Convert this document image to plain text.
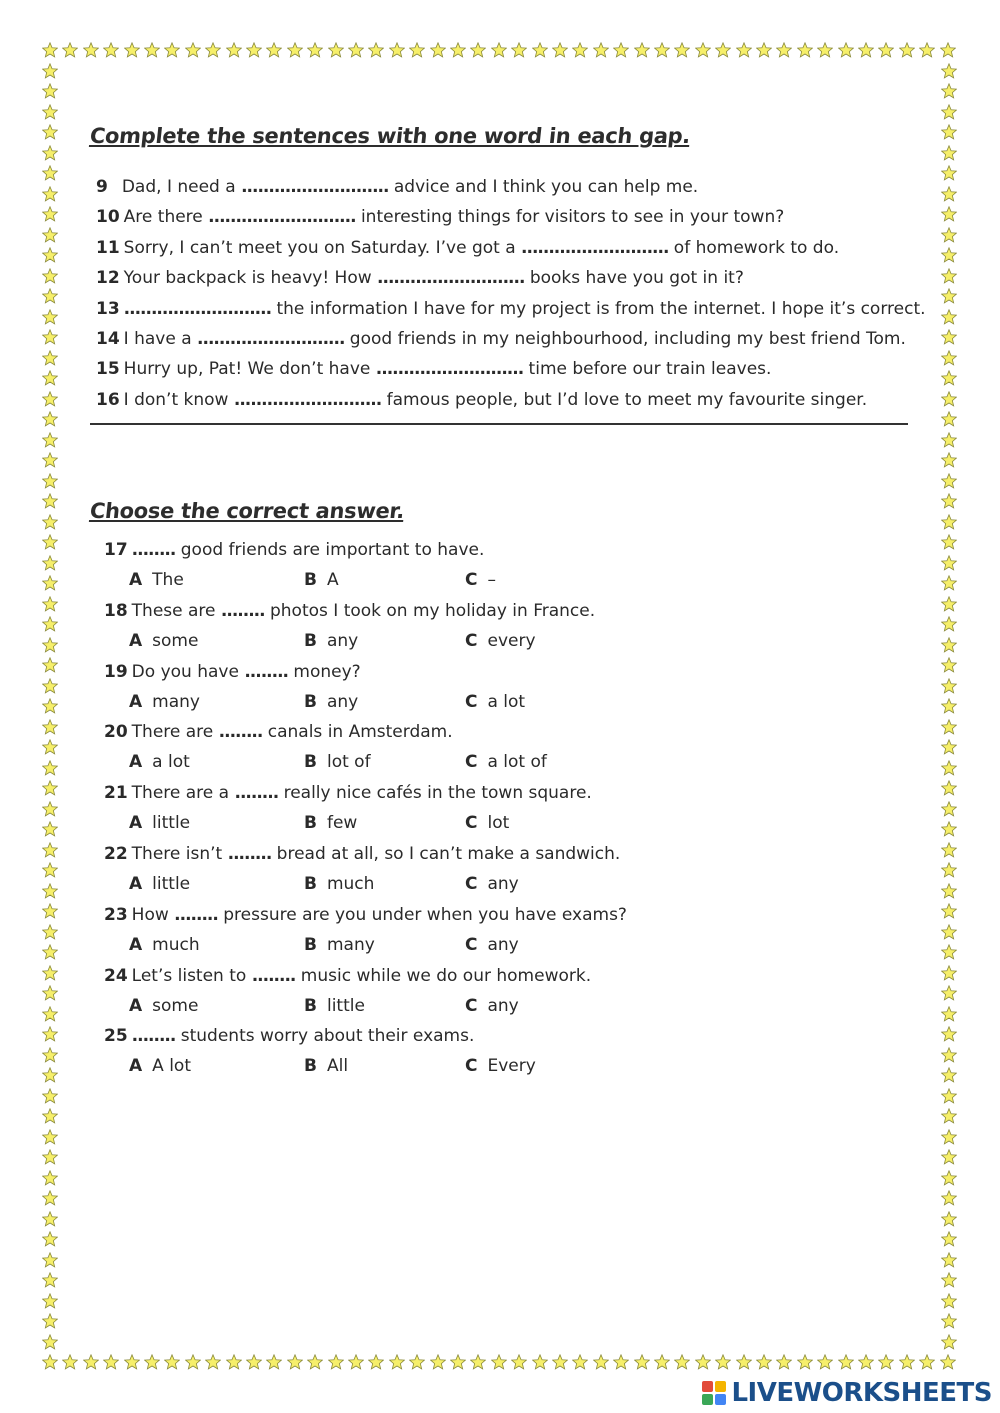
Complete the sentences with one word in each gap.
9 Dad, I need a ........................... advice and I think you can help me.
10 Are there ........................... interesting things for visitors to see in your town?
11 Sorry, I can’t meet you on Saturday. I’ve got a ........................... of homework to do.
12 Your backpack is heavy! How ........................... books have you got in it?
13 ........................... the information I have for my project is from the internet. I hope it’s correct.
14 I have a ........................... good friends in my neighbourhood, including my best friend Tom.
15 Hurry up, Pat! We don’t have ........................... time before our train leaves.
16 I don’t know ........................... famous people, but I’d love to meet my favourite singer.
Choose the correct answer.
17 ........ good friends are important to have.
A The	B A	C –
18 These are ........ photos I took on my holiday in France.
A some	B any	C every
19 Do you have ........ money?
A many	B any	C a lot
20 There are ........ canals in Amsterdam.
A a lot	B lot of	C a lot of
21 There are a ........ really nice cafés in the town square.
A little	B few	C lot
22 There isn’t ........ bread at all, so I can’t make a sandwich.
A little	B much	C any
23 How ........ pressure are you under when you have exams?
A much	B many	C any
24 Let’s listen to ........ music while we do our homework.
A some	B little	C any
25 ........ students worry about their exams.
A A lot	B All	C Every
LIVEWORKSHEETS
